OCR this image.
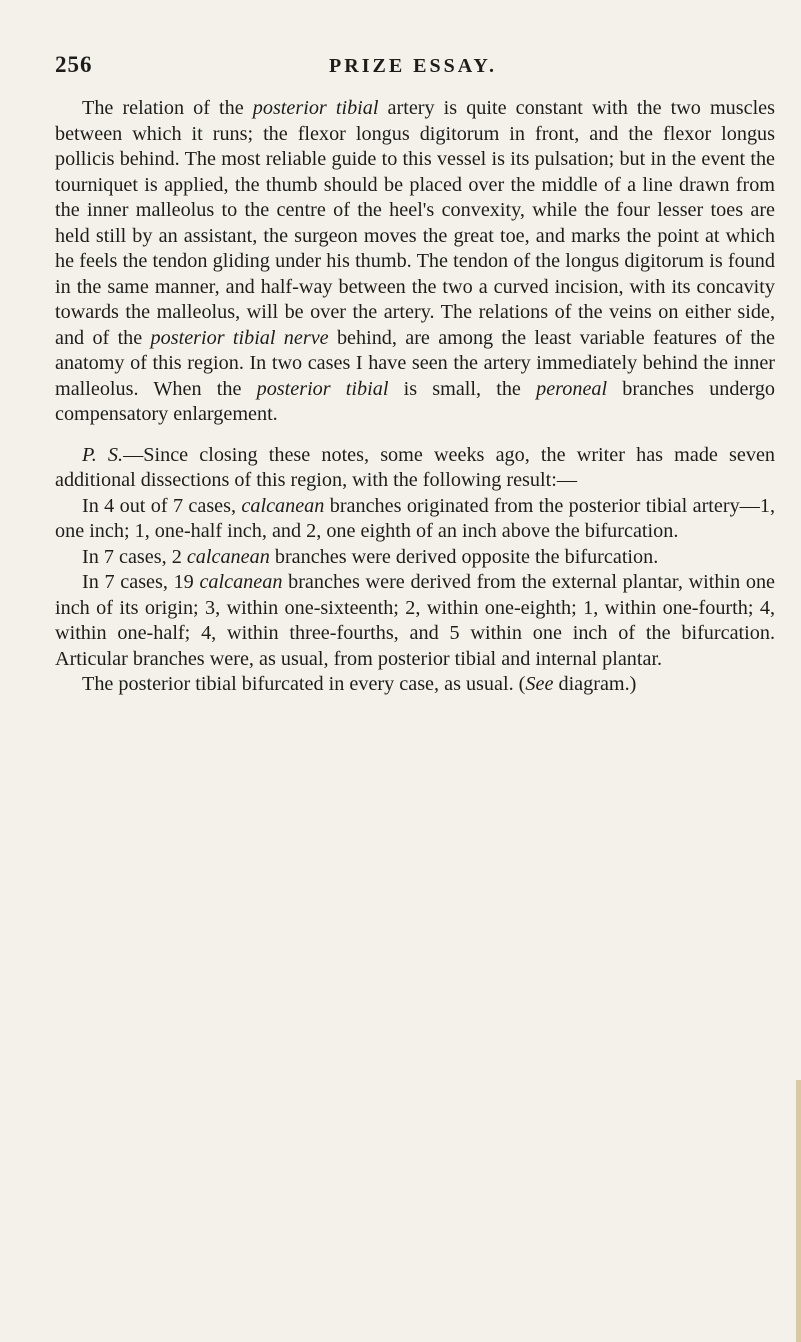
256	PRIZE ESSAY.

The relation of the posterior tibial artery is quite constant with the two muscles between which it runs; the flexor longus digitorum in front, and the flexor longus pollicis behind. The most reliable guide to this vessel is its pulsation; but in the event the tourniquet is applied, the thumb should be placed over the middle of a line drawn from the inner malleolus to the centre of the heel's convexity, while the four lesser toes are held still by an assistant, the surgeon moves the great toe, and marks the point at which he feels the tendon gliding under his thumb. The tendon of the longus digitorum is found in the same manner, and half-way between the two a curved incision, with its concavity towards the malleolus, will be over the artery. The relations of the veins on either side, and of the posterior tibial nerve behind, are among the least variable features of the anatomy of this region. In two cases I have seen the artery immediately behind the inner malleolus. When the posterior tibial is small, the peroneal branches undergo compensatory enlargement.

P. S.—Since closing these notes, some weeks ago, the writer has made seven additional dissections of this region, with the following result:—

In 4 out of 7 cases, calcanean branches originated from the posterior tibial artery—1, one inch; 1, one-half inch, and 2, one eighth of an inch above the bifurcation.

In 7 cases, 2 calcanean branches were derived opposite the bifurcation.

In 7 cases, 19 calcanean branches were derived from the external plantar, within one inch of its origin; 3, within one-sixteenth; 2, within one-eighth; 1, within one-fourth; 4, within one-half; 4, within three-fourths, and 5 within one inch of the bifurcation. Articular branches were, as usual, from posterior tibial and internal plantar.

The posterior tibial bifurcated in every case, as usual. (See diagram.)
